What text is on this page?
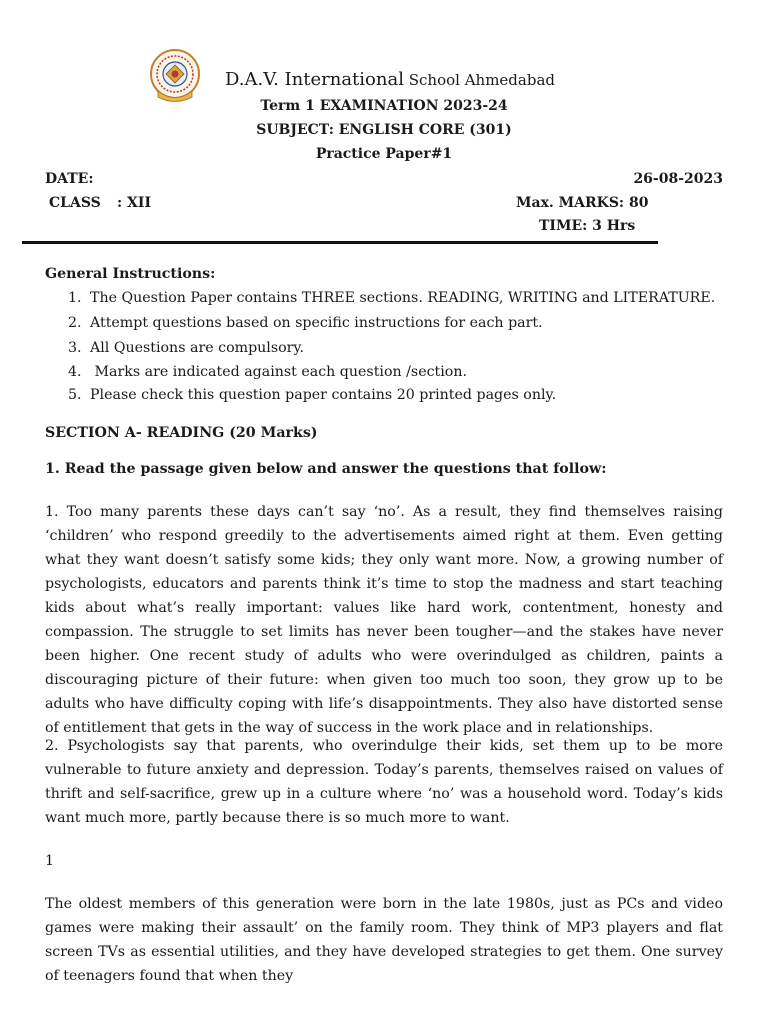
D.A.V. International School Ahmedabad
Term 1 EXAMINATION 2023-24
SUBJECT: ENGLISH CORE (301)
Practice Paper#1
DATE:	26-08-2023
CLASS : XII	Max. MARKS: 80
TIME: 3 Hrs
General Instructions:
1. The Question Paper contains THREE sections. READING, WRITING and LITERATURE.
2. Attempt questions based on specific instructions for each part.
3. All Questions are compulsory.
4. Marks are indicated against each question /section.
5. Please check this question paper contains 20 printed pages only.
SECTION A- READING (20 Marks)
1. Read the passage given below and answer the questions that follow:
1. Too many parents these days can’t say ‘no’. As a result, they find themselves raising ‘children’ who respond greedily to the advertisements aimed right at them. Even getting what they want doesn’t satisfy some kids; they only want more. Now, a growing number of psychologists, educators and parents think it’s time to stop the madness and start teaching kids about what’s really important: values like hard work, contentment, honesty and compassion. The struggle to set limits has never been tougher—and the stakes have never been higher. One recent study of adults who were overindulged as children, paints a discouraging picture of their future: when given too much too soon, they grow up to be adults who have difficulty coping with life’s disappointments. They also have distorted sense of entitlement that gets in the way of success in the work place and in relationships.
2. Psychologists say that parents, who overindulge their kids, set them up to be more vulnerable to future anxiety and depression. Today’s parents, themselves raised on values of thrift and self-sacrifice, grew up in a culture where ‘no’ was a household word. Today’s kids want much more, partly because there is so much more to want.
1
The oldest members of this generation were born in the late 1980s, just as PCs and video games were making their assault’ on the family room. They think of MP3 players and flat screen TVs as essential utilities, and they have developed strategies to get them. One survey of teenagers found that when they
